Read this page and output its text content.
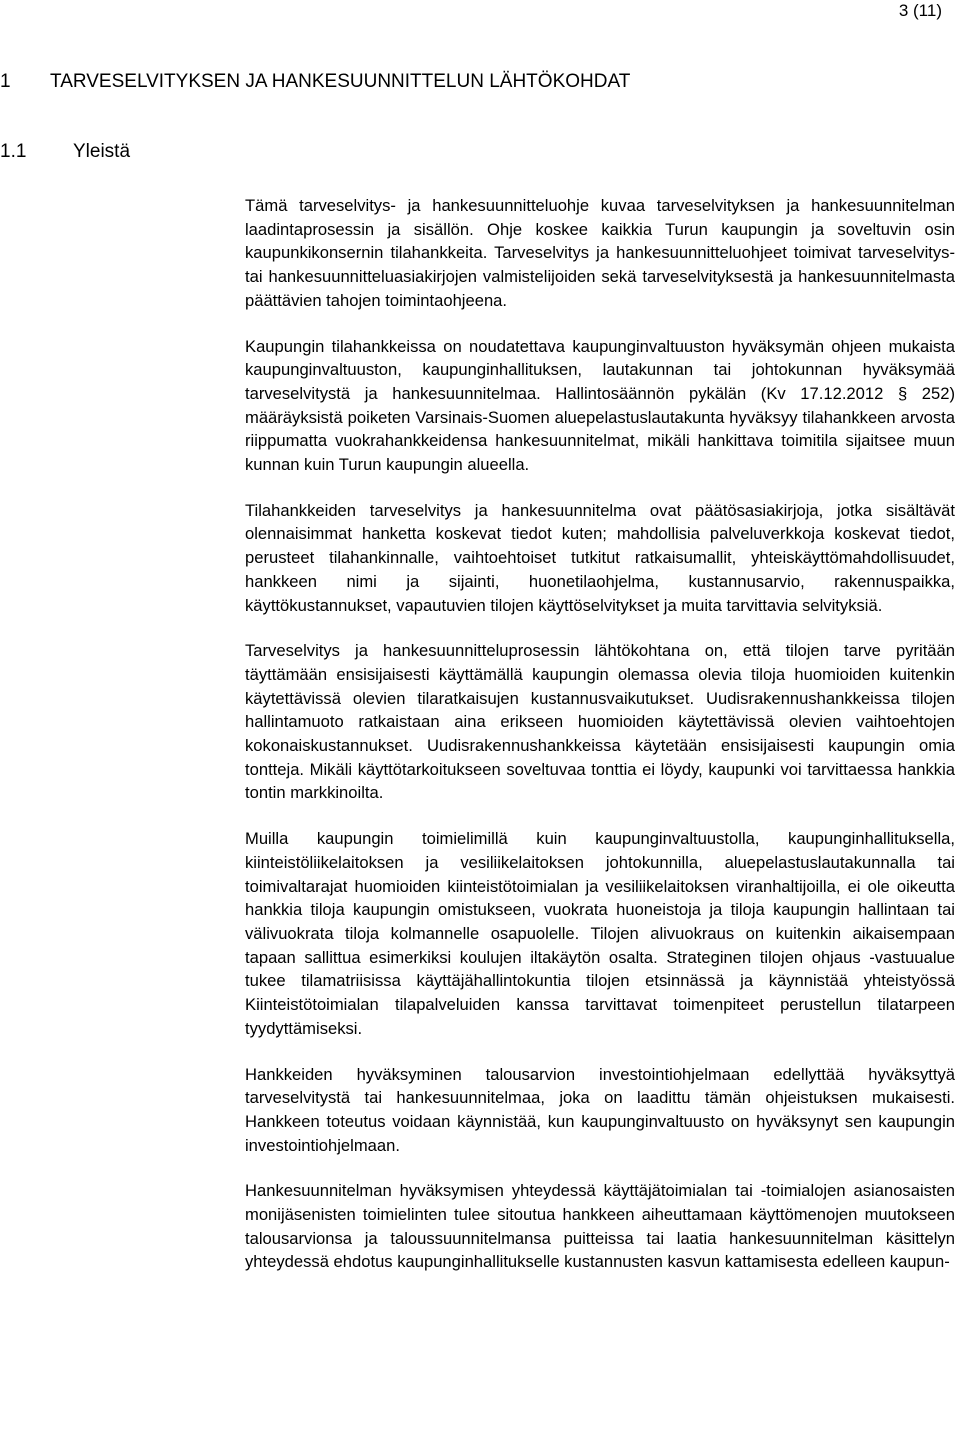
3 (11)
1 TARVESELVITYKSEN JA HANKESUUNNITTELUN LÄHTÖKOHDAT
1.1 Yleistä

Tämä tarveselvitys- ja hankesuunnitteluohje kuvaa tarveselvityksen ja hankesuunnitelman laadintaprosessin ja sisällön. Ohje koskee kaikkia Turun kaupungin ja soveltuvin osin kaupunkikonsernin tilahankkeita. Tarveselvitys ja hankesuunnitteluohjeet toimivat tarveselvitys- tai hankesuunnitteluasiakirjojen valmistelijoiden sekä tarveselvityksestä ja hankesuunnitelmasta päättävien tahojen toimintaohjeena.

Kaupungin tilahankkeissa on noudatettava kaupunginvaltuuston hyväksymän ohjeen mukaista kaupunginvaltuuston, kaupunginhallituksen, lautakunnan tai johtokunnan hyväksymää tarveselvitystä ja hankesuunnitelmaa. Hallintosäännön pykälän (Kv 17.12.2012 § 252) määräyksistä poiketen Varsinais-Suomen aluepelastuslautakunta hyväksyy tilahankkeen arvosta riippumatta vuokrahankkeidensa hankesuunnitelmat, mikäli hankittava toimitila sijaitsee muun kunnan kuin Turun kaupungin alueella.

Tilahankkeiden tarveselvitys ja hankesuunnitelma ovat päätösasiakirjoja, jotka sisältävät olennaisimmat hanketta koskevat tiedot kuten; mahdollisia palveluverkkoja koskevat tiedot, perusteet tilahankinnalle, vaihtoehtoiset tutkitut ratkaisumallit, yhteiskäyttömahdollisuudet, hankkeen nimi ja sijainti, huonetilaohjelma, kustannusarvio, rakennuspaikka, käyttökustannukset, vapautuvien tilojen käyttöselvitykset ja muita tarvittavia selvityksiä.

Tarveselvitys ja hankesuunnitteluprosessin lähtökohtana on, että tilojen tarve pyritään täyttämään ensisijaisesti käyttämällä kaupungin olemassa olevia tiloja huomioiden kuitenkin käytettävissä olevien tilaratkaisujen kustannusvaikutukset. Uudisrakennushankkeissa tilojen hallintamuoto ratkaistaan aina erikseen huomioiden käytettävissä olevien vaihtoehtojen kokonaiskustannukset. Uudisrakennushankkeissa käytetään ensisijaisesti kaupungin omia tontteja. Mikäli käyttötarkoitukseen soveltuvaa tonttia ei löydy, kaupunki voi tarvittaessa hankkia tontin markkinoilta.

Muilla kaupungin toimielimillä kuin kaupunginvaltuustolla, kaupunginhallituksella, kiinteistöliikelaitoksen ja vesiliikelaitoksen johtokunnilla, aluepelastuslautakunnalla tai toimivaltarajat huomioiden kiinteistötoimialan ja vesiliikelaitoksen viranhaltijoilla, ei ole oikeutta hankkia tiloja kaupungin omistukseen, vuokrata huoneistoja ja tiloja kaupungin hallintaan tai välivuokrata tiloja kolmannelle osapuolelle. Tilojen alivuokraus on kuitenkin aikaisempaan tapaan sallittua esimerkiksi koulujen iltakäytön osalta. Strateginen tilojen ohjaus -vastuualue tukee tilamatriisissa käyttäjähallintokuntia tilojen etsinnässä ja käynnistää yhteistyössä Kiinteistötoimialan tilapalveluiden kanssa tarvittavat toimenpiteet perustellun tilatarpeen tyydyttämiseksi.

Hankkeiden hyväksyminen talousarvion investointiohjelmaan edellyttää hyväksyttyä tarveselvitystä tai hankesuunnitelmaa, joka on laadittu tämän ohjeistuksen mukaisesti. Hankkeen toteutus voidaan käynnistää, kun kaupunginvaltuusto on hyväksynyt sen kaupungin investointiohjelmaan.

Hankesuunnitelman hyväksymisen yhteydessä käyttäjätoimialan tai -toimialojen asianosaisten monijäsenisten toimielinten tulee sitoutua hankkeen aiheuttamaan käyttömenojen muutokseen talousarvionsa ja taloussuunnitelmansa puitteissa tai laatia hankesuunnitelman käsittelyn yhteydessä ehdotus kaupunginhallitukselle kustannusten kasvun kattamisesta edelleen kaupun-
